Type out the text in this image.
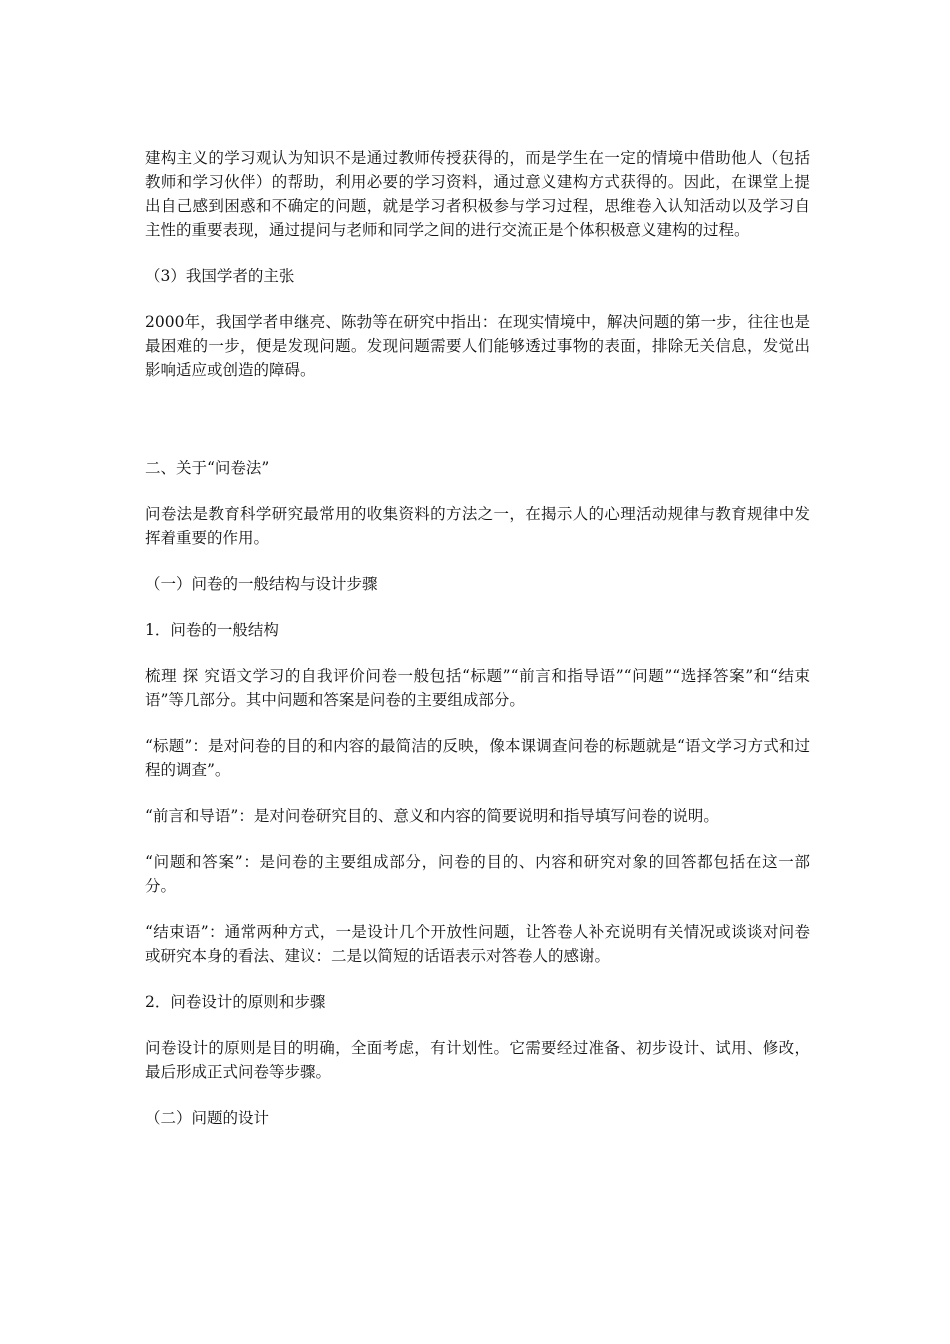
建构主义的学习观认为知识不是通过教师传授获得的，而是学生在一定的情境中借助他人（包括教师和学习伙伴）的帮助，利用必要的学习资料，通过意义建构方式获得的。因此，在课堂上提出自己感到困惑和不确定的问题，就是学习者积极参与学习过程，思维卷入认知活动以及学习自主性的重要表现，通过提问与老师和同学之间的进行交流正是个体积极意义建构的过程。

（3）我国学者的主张

2000年，我国学者申继亮、陈勃等在研究中指出：在现实情境中，解决问题的第一步，往往也是最困难的一步，便是发现问题。发现问题需要人们能够透过事物的表面，排除无关信息，发觉出影响适应或创造的障碍。

二、关于“问卷法”

问卷法是教育科学研究最常用的收集资料的方法之一，在揭示人的心理活动规律与教育规律中发挥着重要的作用。

（一）问卷的一般结构与设计步骤

1．问卷的一般结构

梳理 探 究语文学习的自我评价问卷一般包括“标题”“前言和指导语”“问题”“选择答案”和“结束语”等几部分。其中问题和答案是问卷的主要组成部分。

“标题”：是对问卷的目的和内容的最简洁的反映，像本课调查问卷的标题就是“语文学习方式和过程的调查”。

“前言和导语”：是对问卷研究目的、意义和内容的简要说明和指导填写问卷的说明。

“问题和答案”：是问卷的主要组成部分，问卷的目的、内容和研究对象的回答都包括在这一部分。

“结束语”：通常两种方式，一是设计几个开放性问题，让答卷人补充说明有关情况或谈谈对问卷或研究本身的看法、建议：二是以简短的话语表示对答卷人的感谢。

2．问卷设计的原则和步骤

问卷设计的原则是目的明确，全面考虑，有计划性。它需要经过准备、初步设计、试用、修改，最后形成正式问卷等步骤。

（二）问题的设计
